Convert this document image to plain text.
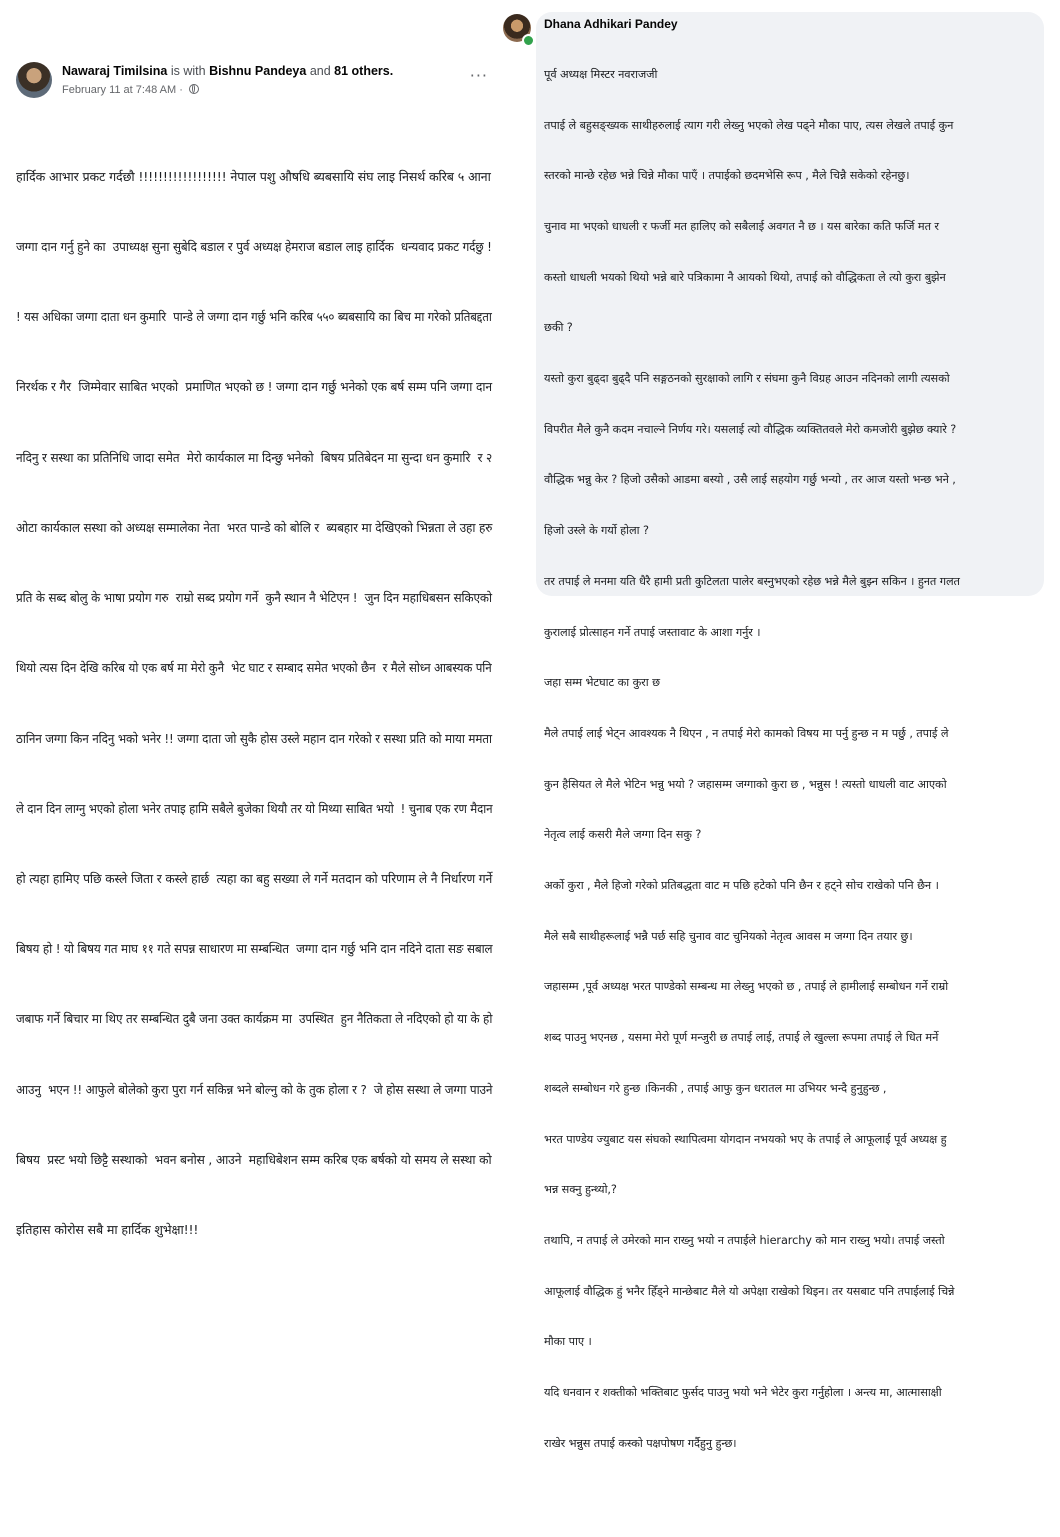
Nawaraj Timilsina is with Bishnu Pandeya and 81 others.
February 11 at 7:48 AM ·
···

हार्दिक आभार प्रकट गर्दछौ !!!!!!!!!!!!!!!!!! नेपाल पशु औषधि ब्यबसायि संघ लाइ निसर्थ करिब ५ आना

जग्गा दान गर्नु हुने का  उपाध्यक्ष सुना सुबेदि बडाल र पुर्व अध्यक्ष हेमराज बडाल लाइ हार्दिक  धन्यवाद प्रकट गर्दछु !

! यस अधिका जग्गा दाता धन कुमारि  पान्डे ले जग्गा दान गर्छु भनि करिब ५५० ब्यबसायि का बिच मा गरेको प्रतिबद्दता

निरर्थक र गैर  जिम्मेवार साबित भएको  प्रमाणित भएको छ ! जग्गा दान गर्छु भनेको एक बर्ष सम्म पनि जग्गा दान

नदिनु र सस्था का प्रतिनिधि जादा समेत  मेरो कार्यकाल मा दिन्छु भनेको  बिषय प्रतिबेदन मा सुन्दा धन कुमारि  र २

ओटा कार्यकाल सस्था को अध्यक्ष सम्मालेका नेता  भरत पान्डे को बोलि र  ब्यबहार मा देखिएको भिन्नता ले उहा हरु

प्रति के सब्द बोलु के भाषा प्रयोग गरु  राम्रो सब्द प्रयोग गर्ने  कुनै स्थान नै भेटिएन !  जुन दिन महाधिबसन सकिएको

थियो त्यस दिन देखि करिब यो एक बर्ष मा मेरो कुनै  भेट घाट र सम्बाद समेत भएको छैन  र मैले सोध्न आबस्यक पनि

ठानिन जग्गा किन नदिनु भको भनेर !! जग्गा दाता जो सुकै होस उस्ले महान दान गरेको र सस्था प्रति को माया ममता

ले दान दिन लाग्नु भएको होला भनेर तपाइ हामि सबैले बुजेका थियौ तर यो मिथ्या साबित भयो  ! चुनाब एक रण मैदान

हो त्यहा हामिए पछि कस्ले जिता र कस्ले हार्छ  त्यहा का बहु सख्या ले गर्ने मतदान को परिणाम ले नै निर्धारण गर्ने

बिषय हो ! यो बिषय गत माघ ११ गते सपन्न साधारण मा सम्बन्धित  जग्गा दान गर्छु भनि दान नदिने दाता सङ सबाल

जबाफ गर्ने बिचार मा थिए तर सम्बन्धित दुबै जना उक्त कार्यक्रम मा  उपस्थित  हुन नैतिकता ले नदिएको हो या के हो

आउनु  भएन !! आफुले बोलेको कुरा पुरा गर्न सकिन्न भने बोल्नु को के तुक होला र ?  जे होस सस्था ले जग्गा पाउने

बिषय  प्रस्ट भयो छिट्टै सस्थाको  भवन बनोस , आउने  महाधिबेशन सम्म करिब एक बर्षको यो समय ले सस्था को

इतिहास कोरोस सबै मा हार्दिक शुभेक्षा!!!

Dhana Adhikari Pandey

पूर्व अध्यक्ष मिस्टर नवराजजी

तपाई ले बहुसङ्ख्यक साथीहरुलाई त्याग गरी लेख्नु भएको लेख पढ्ने मौका पाए, त्यस लेखले तपाई कुन

स्तरको मान्छे रहेछ भन्ने चिन्ने मौका पाएँ । तपाईको छदमभेसि रूप , मैले चिन्नै सकेको रहेनछु।

चुनाव मा भएको धाधली र फर्जी मत हालिए को सबैलाई अवगत नै छ । यस बारेका कति फर्जि मत र

कस्तो धाधली भयको थियो भन्ने बारे पत्रिकामा नै आयको थियो, तपाई को वौद्धिकता ले त्यो कुरा बुझेन

छकी ?

यस्तो कुरा बुढ्दा बुढ्दै पनि सङ्गठनको सुरक्षाको लागि र संघमा कुनै विग्रह आउन नदिनको लागी त्यसको

विपरीत मैले कुनै कदम नचाल्ने निर्णय गरे। यसलाई त्यो वौद्धिक व्यक्तितवले मेरो कमजोरी बुझेछ क्यारे ?

वौद्धिक भन्नु केर ? हिजो उसैको आडमा बस्यो , उसै लाई सहयोग गर्छु भन्यो , तर आज यस्तो भन्छ भने ,

हिजो उस्ले के गर्यो होला ?

तर तपाई ले मनमा यति धैरै हामी प्रती कुटिलता पालेर बस्नुभएको रहेछ भन्ने मैले बुझ्न सकिन । हुनत गलत

कुरालाई प्रोत्साहन गर्ने तपाई जस्तावाट के आशा गर्नुर ।

जहा सम्म भेटघाट का कुरा छ

मैले तपाई लाई भेट्न आवश्यक नै थिएन , न तपाई मेरो कामको विषय मा पर्नु हुन्छ न म पर्छु , तपाई ले

कुन हैसियत ले मैले भेटिन भन्नु भयो ? जहासम्म जग्गाको कुरा छ , भन्नुस ! त्यस्तो धाधली वाट आएको

नेतृत्व लाई कसरी मैले जग्गा दिन सकु ?

अर्को कुरा , मैले हिजो गरेको प्रतिबद्धता वाट म पछि हटेको पनि छैन र हट्ने सोच राखेको पनि छैन ।

मैले सबै साथीहरूलाई भन्नै पर्छ सहि चुनाव वाट चुनियको नेतृत्व आवस म जग्गा दिन तयार छु।

जहासम्म ,पूर्व अध्यक्ष भरत पाण्डेको सम्बन्ध मा लेख्नु भएको छ , तपाई ले हामीलाई सम्बोधन गर्ने राम्रो

शब्द पाउनु भएनछ , यसमा मेरो पूर्ण मन्जुरी छ तपाई लाई, तपाई ले खुल्ला रूपमा तपाई ले धित मर्ने

शब्दले सम्बोधन गरे हुन्छ ।किनकी , तपाई आफु कुन धरातल मा उभियर भन्दै हुनुहुन्छ ,

भरत पाण्डेय ज्युबाट यस संघको स्थापित्वमा योगदान नभयको भए के तपाई ले आफूलाई पूर्व अध्यक्ष हु

भन्न सक्नु हुन्थ्यो,?

तथापि, न तपाई ले उमेरको मान राख्नु भयो न तपाईले hierarchy को मान राख्नु भयो। तपाई जस्तो

आफूलाई वौद्धिक हुं भनैर हिँड्ने मान्छेबाट मैले यो अपेक्षा राखेको थिइन। तर यसबाट पनि तपाईलाई चिन्ने

मौका पाए ।

यदि धनवान र शक्तीको भक्तिबाट फुर्सद पाउनु भयो भने भेटेर कुरा गर्नुहोला । अन्त्य मा, आत्मासाक्षी

राखेर भन्नुस तपाई कस्को पक्षपोषण गर्दैहुनु हुन्छ।
